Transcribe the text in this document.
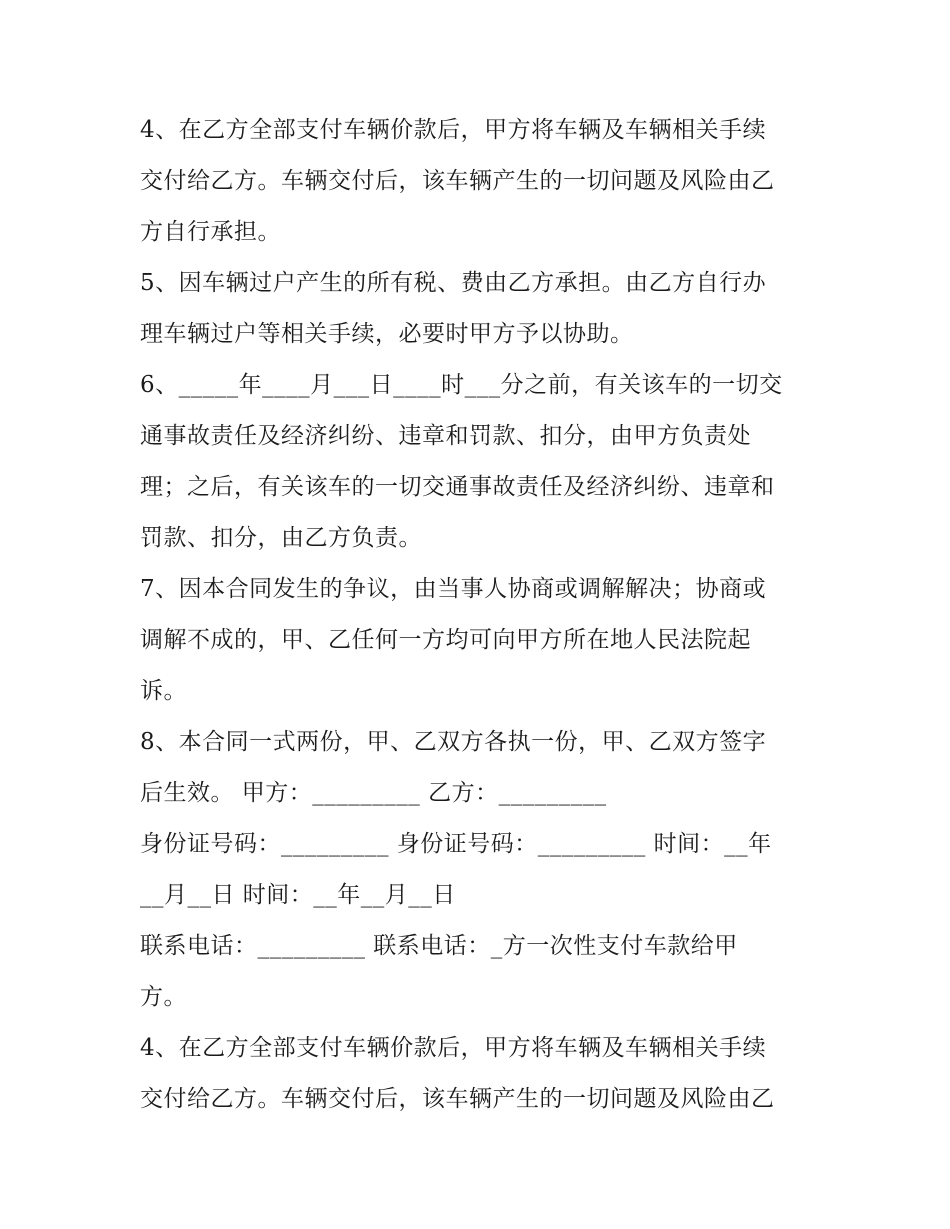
4、在乙方全部支付车辆价款后，甲方将车辆及车辆相关手续
交付给乙方。车辆交付后，该车辆产生的一切问题及风险由乙
方自行承担。
5、因车辆过户产生的所有税、费由乙方承担。由乙方自行办
理车辆过户等相关手续，必要时甲方予以协助。
6、_____年____月___日____时___分之前，有关该车的一切交
通事故责任及经济纠纷、违章和罚款、扣分，由甲方负责处
理；之后，有关该车的一切交通事故责任及经济纠纷、违章和
罚款、扣分，由乙方负责。
7、因本合同发生的争议，由当事人协商或调解解决；协商或
调解不成的，甲、乙任何一方均可向甲方所在地人民法院起
诉。
8、本合同一式两份，甲、乙双方各执一份，甲、乙双方签字
后生效。 甲方：_________ 乙方：_________
身份证号码：_________ 身份证号码：_________ 时间：__年
__月__日 时间：__年__月__日
联系电话：_________ 联系电话：_方一次性支付车款给甲
方。
4、在乙方全部支付车辆价款后，甲方将车辆及车辆相关手续
交付给乙方。车辆交付后，该车辆产生的一切问题及风险由乙
